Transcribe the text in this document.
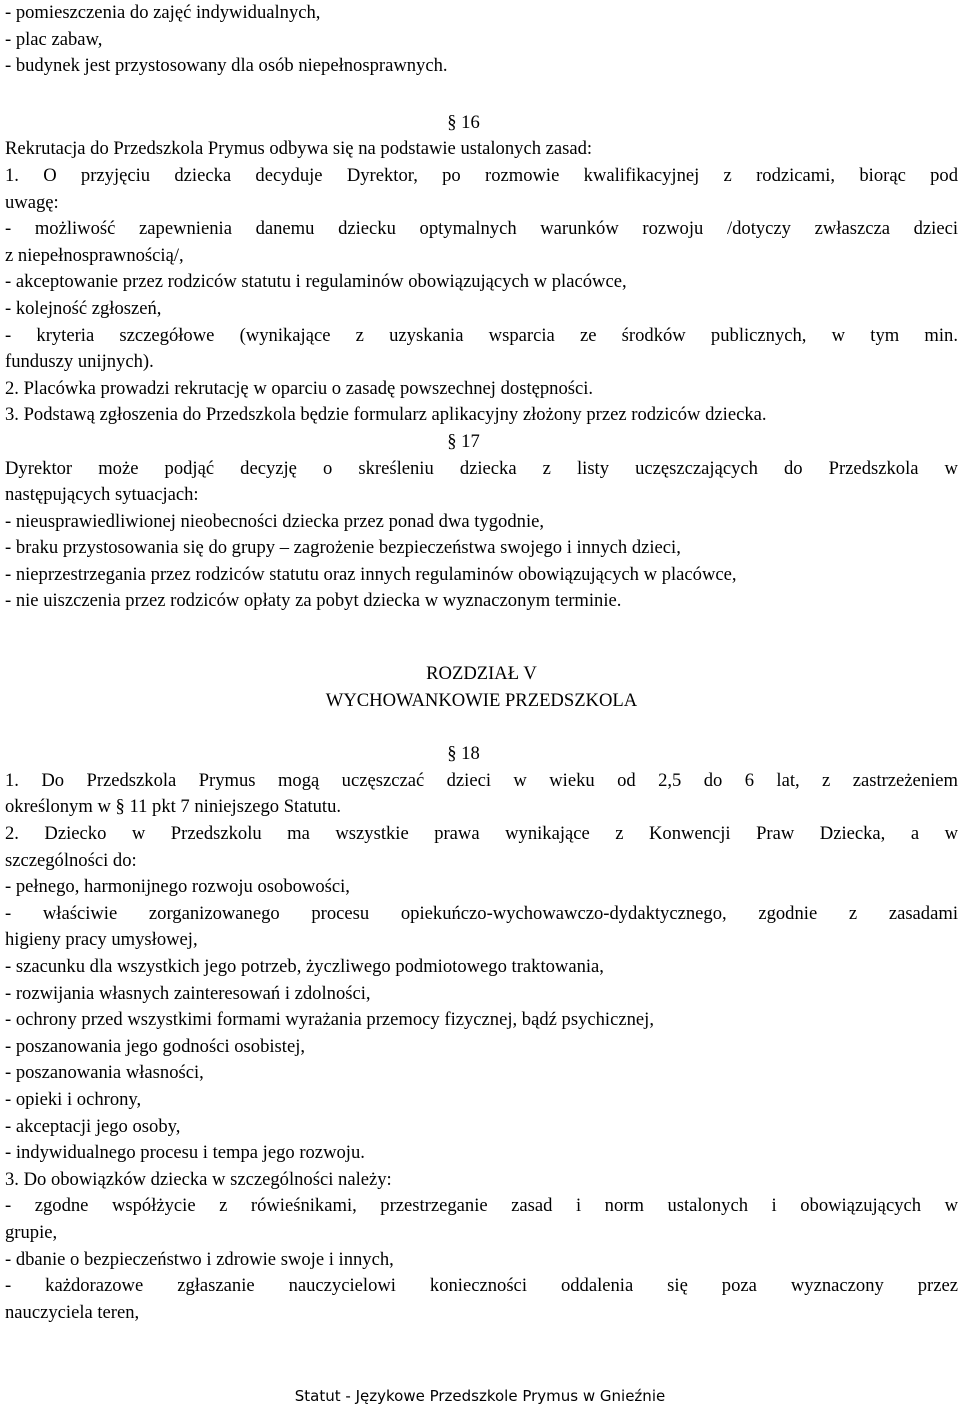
- pomieszczenia do zajęć indywidualnych,
- plac zabaw,
- budynek jest przystosowany dla osób niepełnosprawnych.
§ 16
Rekrutacja do Przedszkola Prymus odbywa się na podstawie ustalonych zasad:
1. O przyjęciu dziecka decyduje Dyrektor, po rozmowie kwalifikacyjnej z rodzicami, biorąc pod
uwagę:
- możliwość zapewnienia danemu dziecku optymalnych warunków rozwoju /dotyczy zwłaszcza dzieci
z niepełnosprawnością/,
- akceptowanie przez rodziców statutu i regulaminów obowiązujących w placówce,
- kolejność zgłoszeń,
- kryteria szczegółowe (wynikające z uzyskania wsparcia ze środków publicznych, w tym min.
funduszy unijnych).
2. Placówka prowadzi rekrutację w oparciu o zasadę powszechnej dostępności.
3. Podstawą zgłoszenia do Przedszkola będzie formularz aplikacyjny złożony przez rodziców dziecka.
§ 17
Dyrektor może podjąć decyzję o skreśleniu dziecka z listy uczęszczających do Przedszkola w
następujących sytuacjach:
- nieusprawiedliwionej nieobecności dziecka przez ponad dwa tygodnie,
- braku przystosowania się do grupy – zagrożenie bezpieczeństwa swojego i innych dzieci,
- nieprzestrzegania przez rodziców statutu oraz innych regulaminów obowiązujących w placówce,
- nie uiszczenia przez rodziców opłaty za pobyt dziecka w wyznaczonym terminie.
ROZDZIAŁ V
WYCHOWANKOWIE PRZEDSZKOLA
§ 18
1. Do Przedszkola Prymus mogą uczęszczać dzieci w wieku od 2,5 do 6 lat, z zastrzeżeniem
określonym w § 11 pkt 7 niniejszego Statutu.
2. Dziecko w Przedszkolu ma wszystkie prawa wynikające z Konwencji Praw Dziecka, a w
szczególności do:
- pełnego, harmonijnego rozwoju osobowości,
- właściwie zorganizowanego procesu opiekuńczo-wychowawczo-dydaktycznego, zgodnie z zasadami
higieny pracy umysłowej,
- szacunku dla wszystkich jego potrzeb, życzliwego podmiotowego traktowania,
- rozwijania własnych zainteresowań i zdolności,
- ochrony przed wszystkimi formami wyrażania przemocy fizycznej, bądź psychicznej,
- poszanowania jego godności osobistej,
- poszanowania własności,
- opieki i ochrony,
- akceptacji jego osoby,
- indywidualnego procesu i tempa jego rozwoju.
3. Do obowiązków dziecka w szczególności należy:
- zgodne współżycie z rówieśnikami, przestrzeganie zasad i norm ustalonych i obowiązujących w
grupie,
- dbanie o bezpieczeństwo i zdrowie swoje i innych,
- każdorazowe zgłaszanie nauczycielowi konieczności oddalenia się poza wyznaczony przez
nauczyciela teren,
Statut - Językowe Przedszkole Prymus w Gnieźnie
